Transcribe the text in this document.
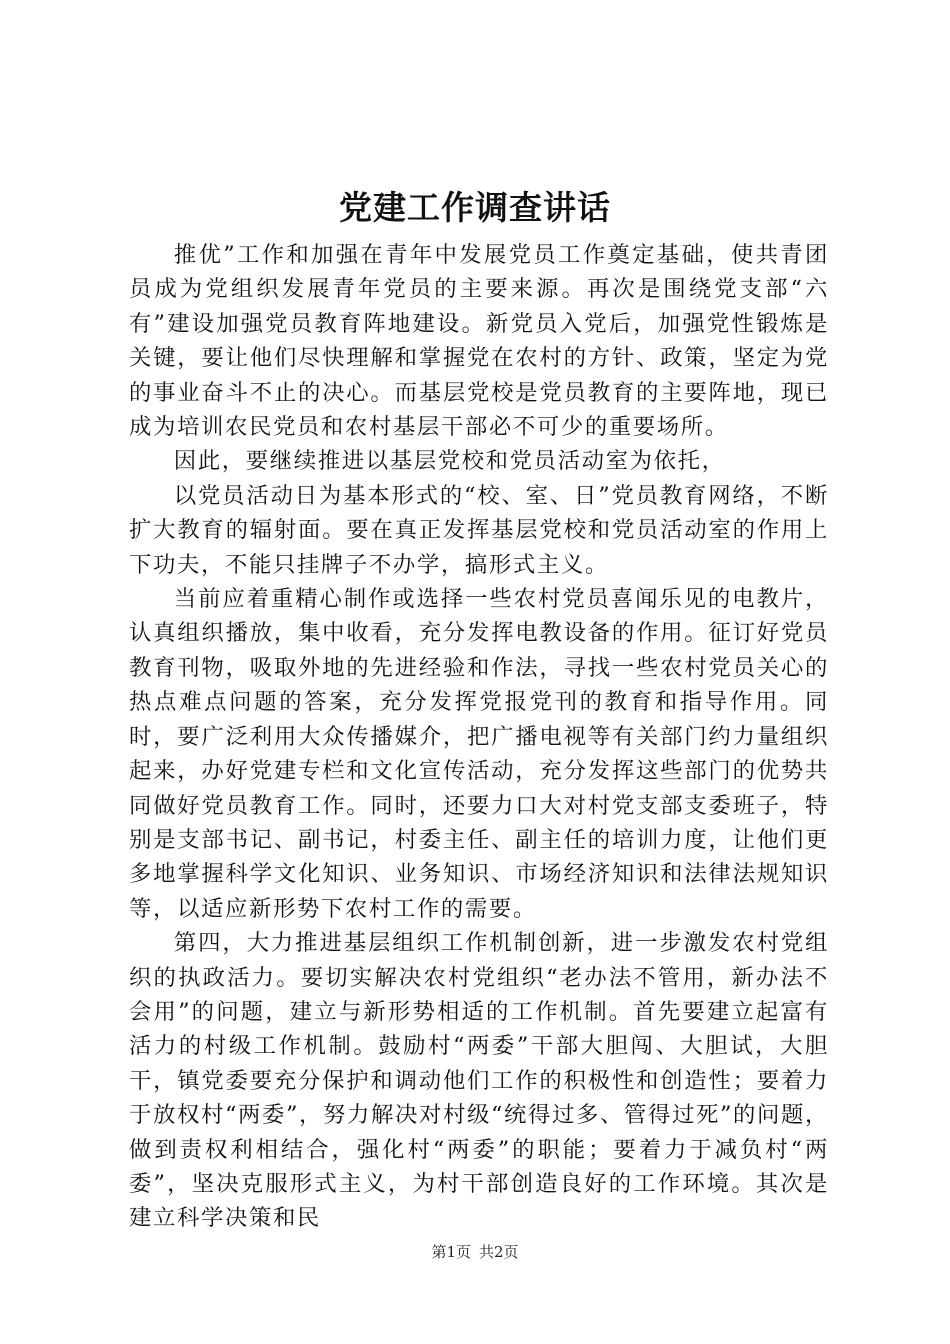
党建工作调查讲话

推优”工作和加强在青年中发展党员工作奠定基础，使共青团员成为党组织发展青年党员的主要来源。再次是围绕党支部“六有”建设加强党员教育阵地建设。新党员入党后，加强党性锻炼是关键，要让他们尽快理解和掌握党在农村的方针、政策，坚定为党的事业奋斗不止的决心。而基层党校是党员教育的主要阵地，现已成为培训农民党员和农村基层干部必不可少的重要场所。

因此，要继续推进以基层党校和党员活动室为依托，

以党员活动日为基本形式的“校、室、日”党员教育网络，不断扩大教育的辐射面。要在真正发挥基层党校和党员活动室的作用上下功夫，不能只挂牌子不办学，搞形式主义。

当前应着重精心制作或选择一些农村党员喜闻乐见的电教片，认真组织播放，集中收看，充分发挥电教设备的作用。征订好党员教育刊物，吸取外地的先进经验和作法，寻找一些农村党员关心的热点难点问题的答案，充分发挥党报党刊的教育和指导作用。同时，要广泛利用大众传播媒介，把广播电视等有关部门约力量组织起来，办好党建专栏和文化宣传活动，充分发挥这些部门的优势共同做好党员教育工作。同时，还要力口大对村党支部支委班子，特别是支部书记、副书记，村委主任、副主任的培训力度，让他们更多地掌握科学文化知识、业务知识、市场经济知识和法律法规知识等，以适应新形势下农村工作的需要。

第四，大力推进基层组织工作机制创新，进一步激发农村党组织的执政活力。要切实解决农村党组织“老办法不管用，新办法不会用”的问题，建立与新形势相适的工作机制。首先要建立起富有活力的村级工作机制。鼓励村“两委”干部大胆闯、大胆试，大胆干，镇党委要充分保护和调动他们工作的积极性和创造性；要着力于放权村“两委”，努力解决对村级“统得过多、管得过死”的问题，做到责权利相结合，强化村“两委”的职能；要着力于减负村“两委”，坚决克服形式主义，为村干部创造良好的工作环境。其次是建立科学决策和民

第1页 共2页
